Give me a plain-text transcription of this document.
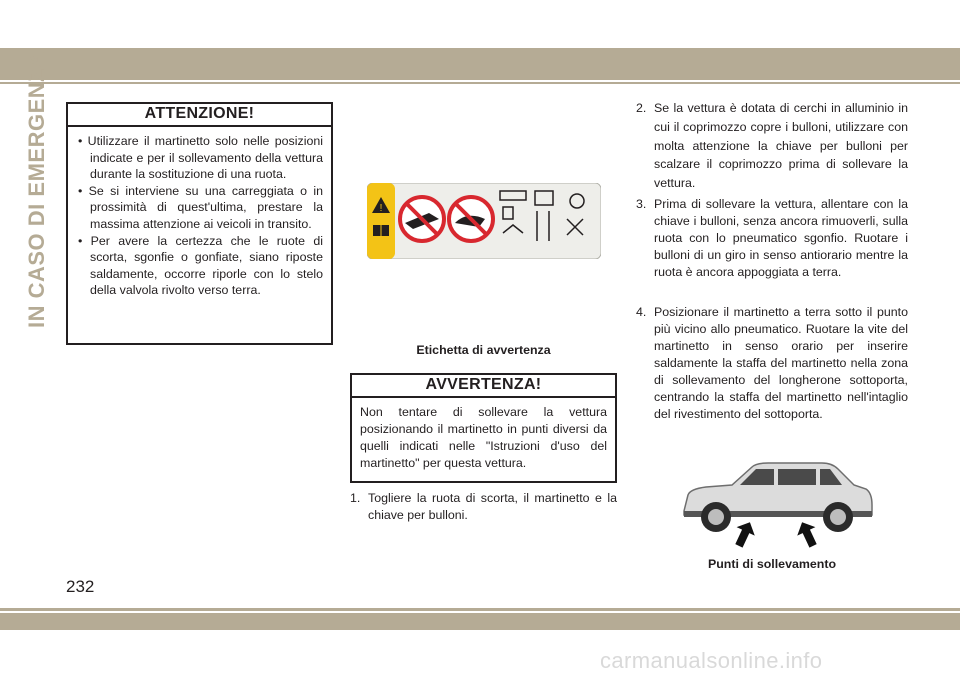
IN CASO DI EMERGENZA	ATTENZIONE!
• Utilizzare il martinetto solo nelle posizioni indicate e per il sollevamento della vettura durante la sostituzione di una ruota.
• Se si interviene su una carreggiata o in prossimità di quest'ultima, prestare la massima attenzione ai veicoli in transito.
• Per avere la certezza che le ruote di scorta, sgonfie o gonfiate, siano riposte saldamente, occorre riporle con lo stelo della valvola rivolto verso terra.
!
Etichetta di avvertenza
AVVERTENZA!

Non tentare di sollevare la vettura posizionando il martinetto in punti diversi da quelli indicati nelle "Istruzioni d'uso del martinetto" per questa vettura.

1. Togliere la ruota di scorta, il martinetto e la chiave per bulloni.
2. Se la vettura è dotata di cerchi in alluminio in cui il coprimozzo copre i bulloni, utilizzare con molta attenzione la chiave per bulloni per scalzare il coprimozzo prima di sollevare la vettura.
3. Prima di sollevare la vettura, allentare con la chiave i bulloni, senza ancora rimuoverli, sulla ruota con lo pneumatico sgonfio. Ruotare i bulloni di un giro in senso antiorario mentre la ruota è ancora appoggiata a terra.
4. Posizionare il martinetto a terra sotto il punto più vicino allo pneumatico. Ruotare la vite del martinetto in senso orario per inserire saldamente la staffa del martinetto nella zona di sollevamento del longherone sottoporta, centrando la staffa del martinetto nell'intaglio del rivestimento del sottoporta.
Punti di sollevamento
232
carmanualsonline.info
